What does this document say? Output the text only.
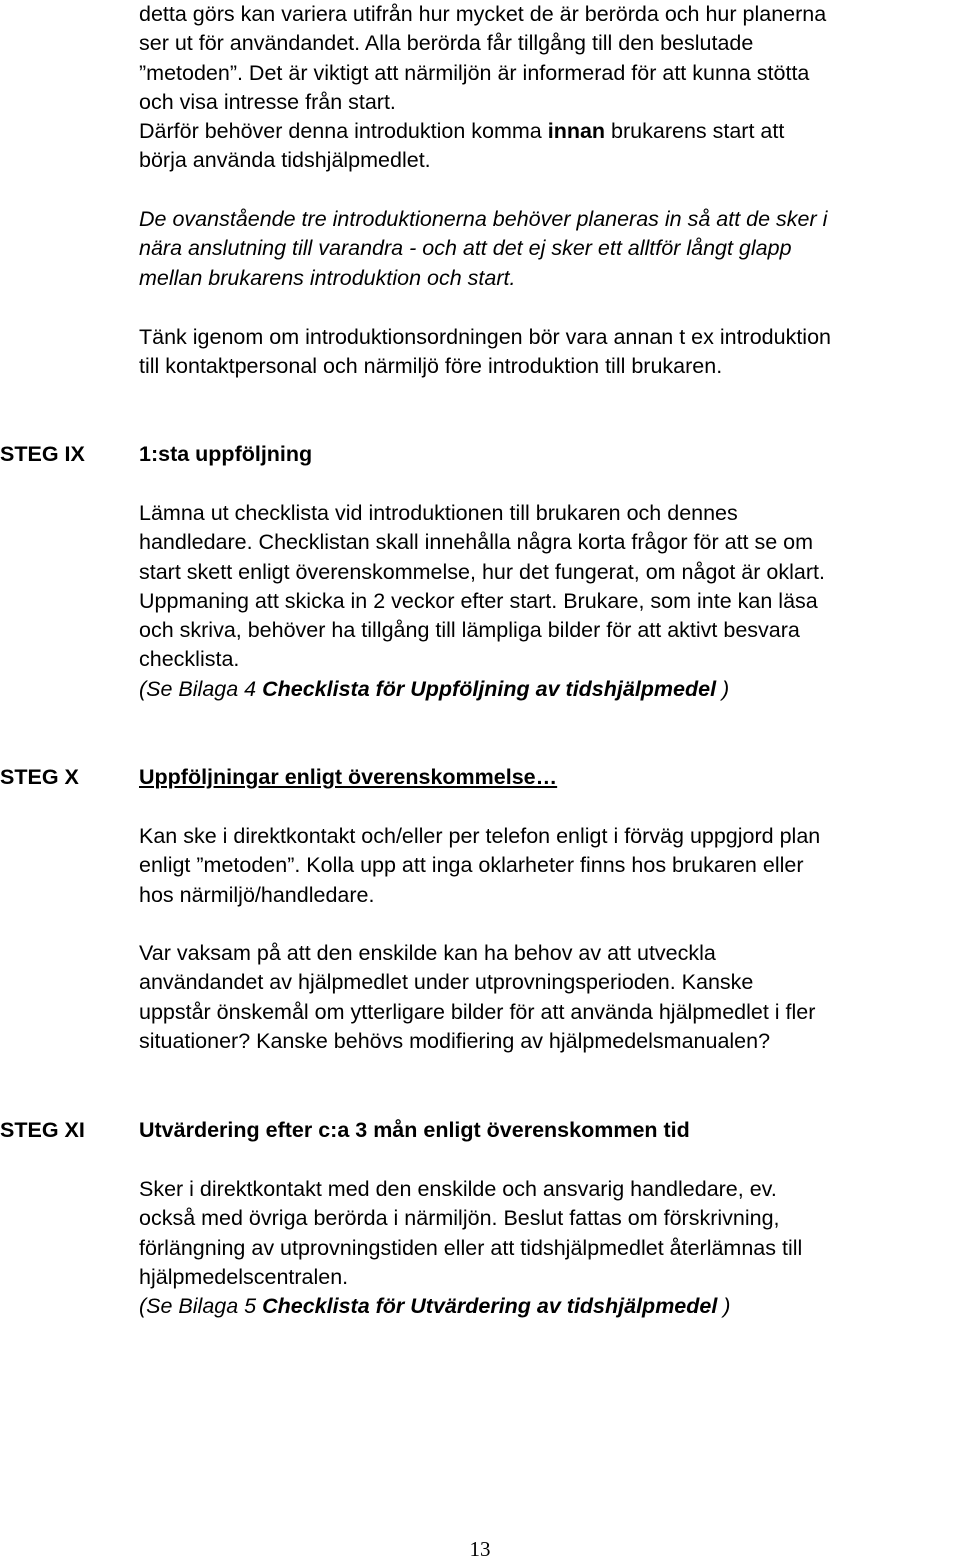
detta görs kan variera utifrån hur mycket de är berörda och hur planerna

ser ut för användandet. Alla berörda får tillgång till den beslutade

”metoden”. Det är viktigt att närmiljön är informerad för att kunna stötta

och visa intresse från start.

Därför behöver denna introduktion komma innan brukarens start att

börja använda tidshjälpmedlet.

De ovanstående tre introduktionerna behöver planeras in så att de sker i

nära anslutning till varandra - och att det ej sker ett alltför långt glapp

mellan brukarens introduktion och start.

Tänk igenom om introduktionsordningen bör vara annan t ex introduktion

till kontaktpersonal och närmiljö före introduktion till brukaren.

STEG IX	1:sta uppföljning

Lämna ut checklista vid introduktionen till brukaren och dennes

handledare. Checklistan skall innehålla några korta frågor för att se om

start skett enligt överenskommelse, hur det fungerat, om något är oklart.

Uppmaning att skicka in 2 veckor efter start. Brukare, som inte kan läsa

och skriva, behöver ha tillgång till lämpliga bilder för att aktivt besvara

checklista.

(Se Bilaga 4 Checklista för Uppföljning av tidshjälpmedel )

STEG X	Uppföljningar enligt överenskommelse…

Kan ske i direktkontakt och/eller per telefon enligt i förväg uppgjord plan

enligt ”metoden”. Kolla upp att inga oklarheter finns hos brukaren eller

hos närmiljö/handledare.

Var vaksam på att den enskilde kan ha behov av att utveckla

användandet av hjälpmedlet under utprovningsperioden. Kanske

uppstår önskemål om ytterligare bilder för att använda hjälpmedlet i fler

situationer? Kanske behövs modifiering av hjälpmedelsmanualen?

STEG XI	Utvärdering efter c:a 3 mån enligt överenskommen tid

Sker i direktkontakt med den enskilde och ansvarig handledare, ev.

också med övriga berörda i närmiljön. Beslut fattas om förskrivning,

förlängning av utprovningstiden eller att tidshjälpmedlet återlämnas till

hjälpmedelscentralen.

(Se Bilaga 5 Checklista för Utvärdering av tidshjälpmedel )

13
